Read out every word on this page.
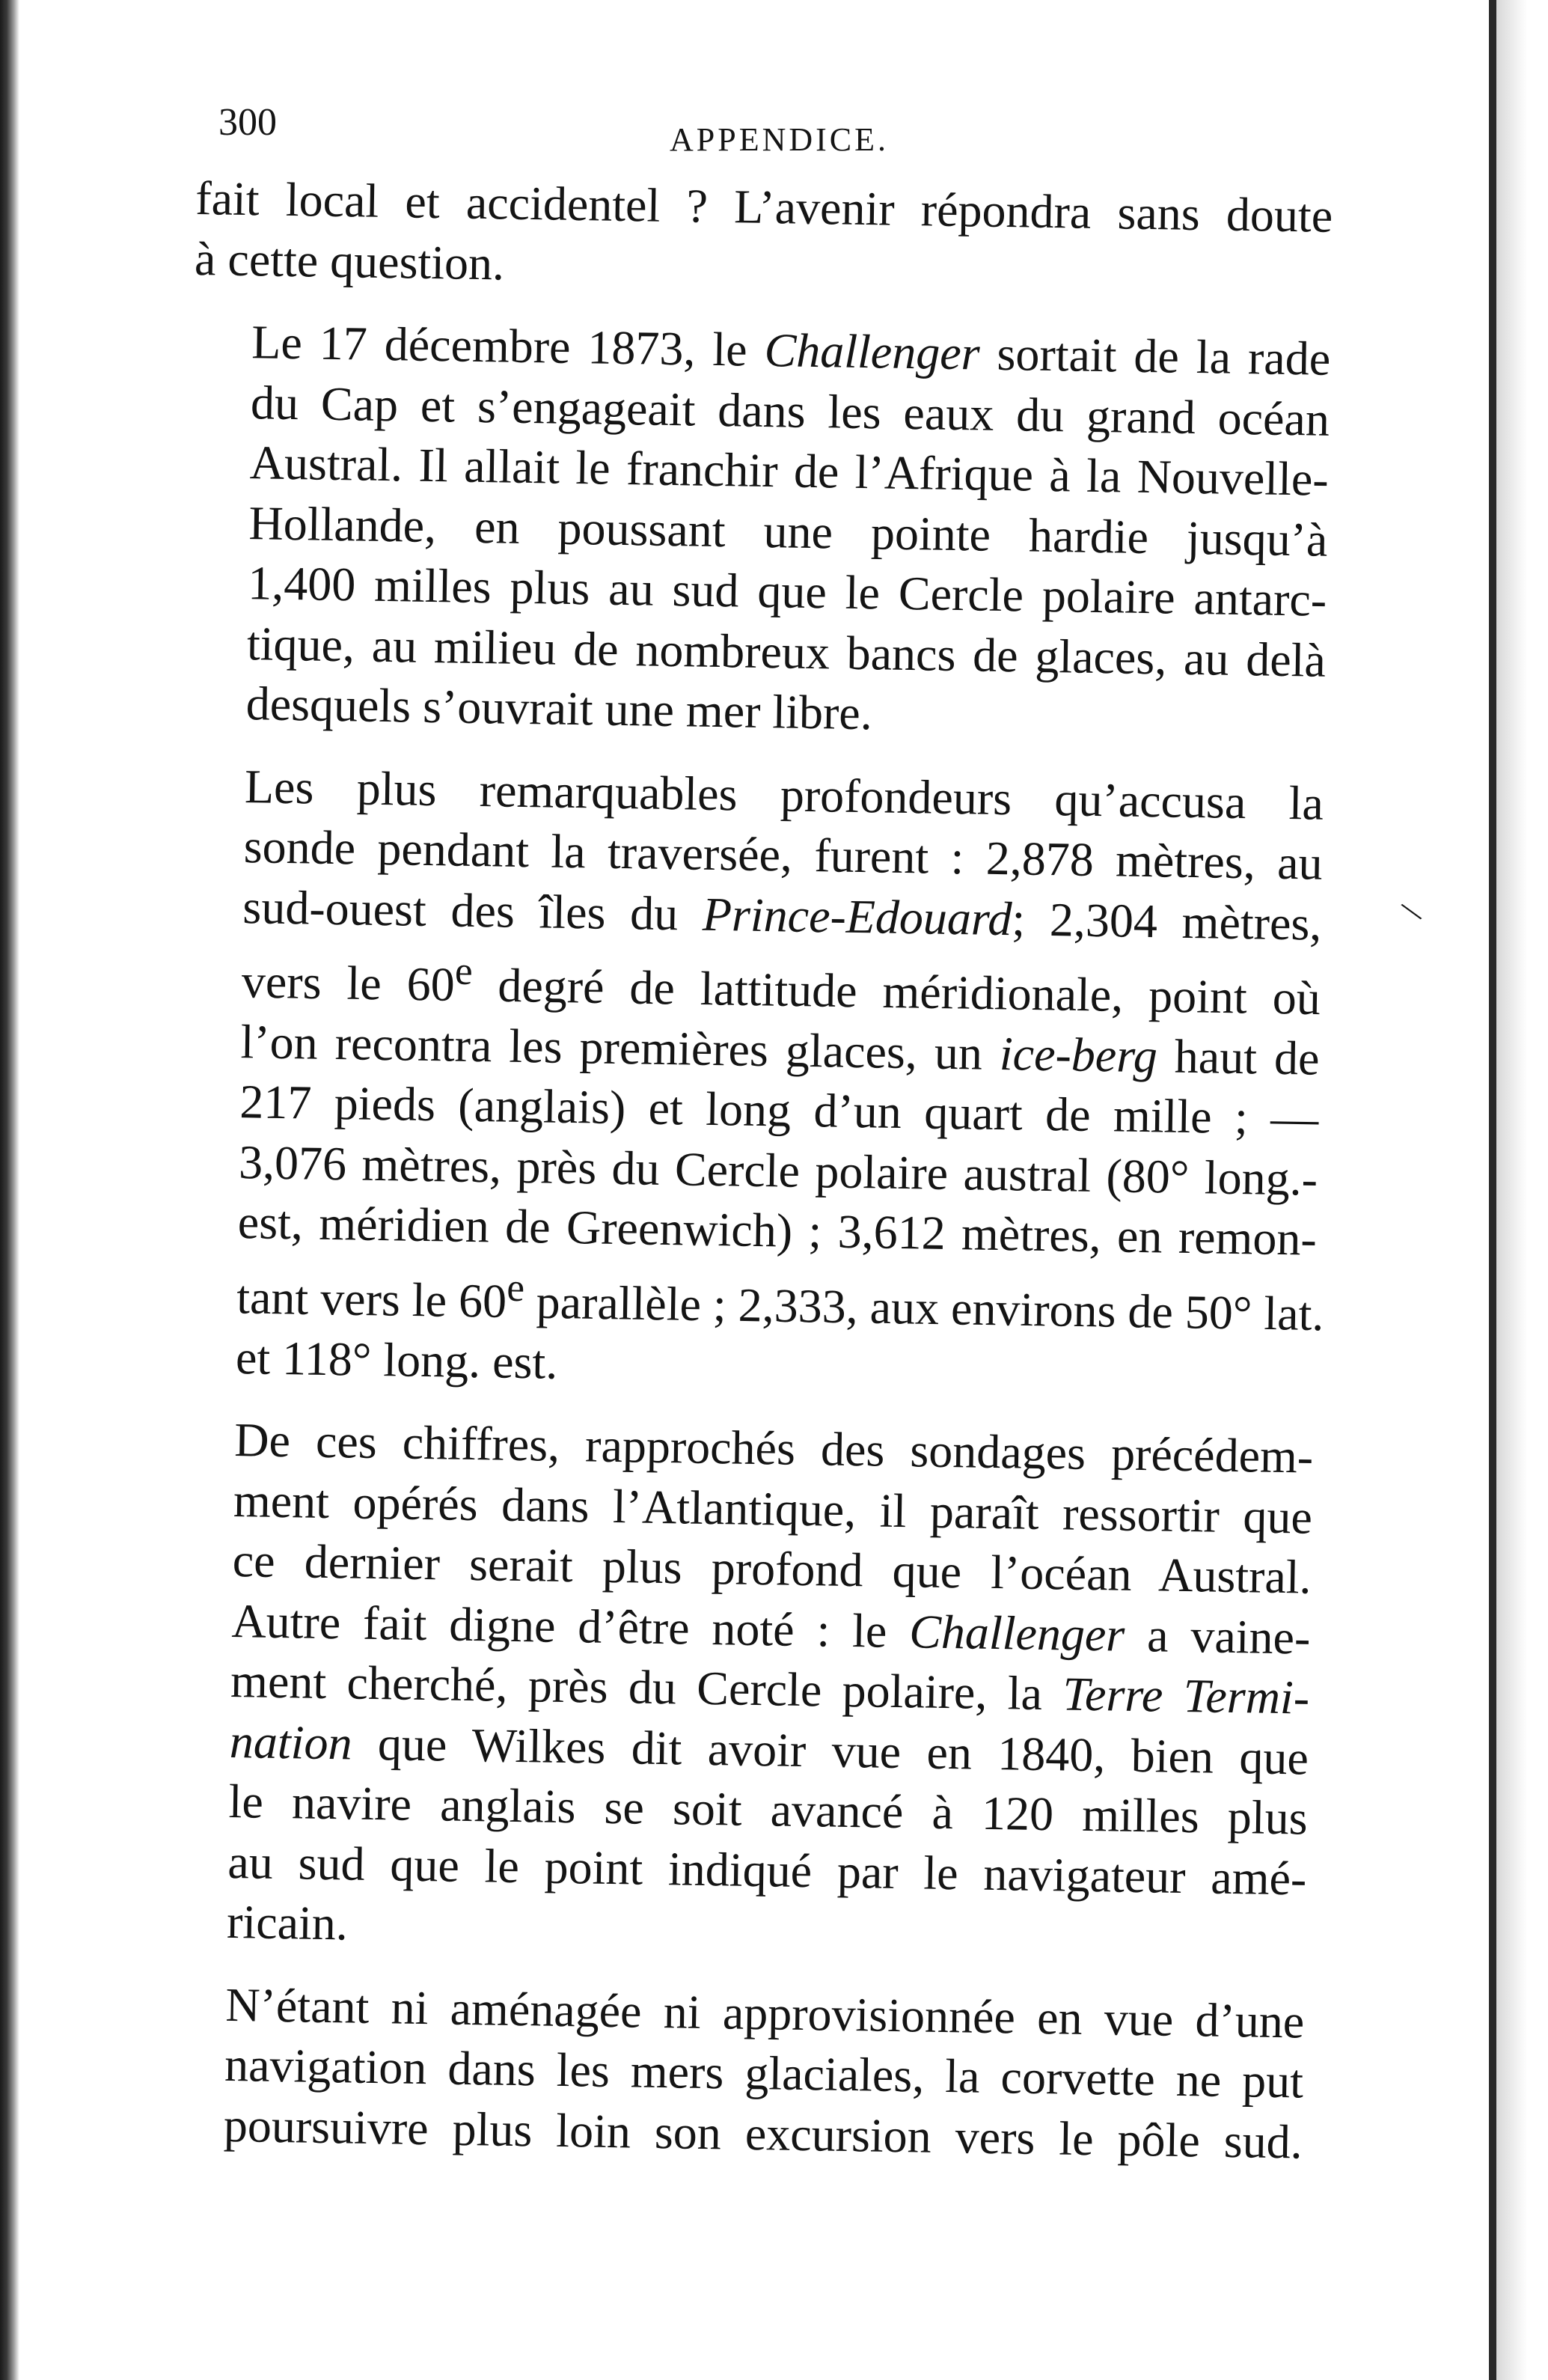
\
300	APPENDICE.

fait local et accidentel ? L’avenir répondra sans doute
à cette question.

Le 17 décembre 1873, le Challenger sortait de la rade
du Cap et s’engageait dans les eaux du grand océan
Austral. Il allait le franchir de l’Afrique à la Nouvelle-
Hollande, en poussant une pointe hardie jusqu’à
1,400 milles plus au sud que le Cercle polaire antarc-
tique, au milieu de nombreux bancs de glaces, au delà
desquels s’ouvrait une mer libre.

Les plus remarquables profondeurs qu’accusa la
sonde pendant la traversée, furent : 2,878 mètres, au
sud-ouest des îles du Prince-Edouard; 2,304 mètres,
vers le 60e degré de lattitude méridionale, point où
l’on recontra les premières glaces, un ice-berg haut de
217 pieds (anglais) et long d’un quart de mille ; —
3,076 mètres, près du Cercle polaire austral (80° long.-
est, méridien de Greenwich) ; 3,612 mètres, en remon-
tant vers le 60e parallèle ; 2,333, aux environs de 50° lat.
et 118° long. est.

De ces chiffres, rapprochés des sondages précédem-
ment opérés dans l’Atlantique, il paraît ressortir que
ce dernier serait plus profond que l’océan Austral.
Autre fait digne d’être noté : le Challenger a vaine-
ment cherché, près du Cercle polaire, la Terre Termi-
nation que Wilkes dit avoir vue en 1840, bien que
le navire anglais se soit avancé à 120 milles plus
au sud que le point indiqué par le navigateur amé-
ricain.

N’étant ni aménagée ni approvisionnée en vue d’une
navigation dans les mers glaciales, la corvette ne put
poursuivre plus loin son excursion vers le pôle sud.
